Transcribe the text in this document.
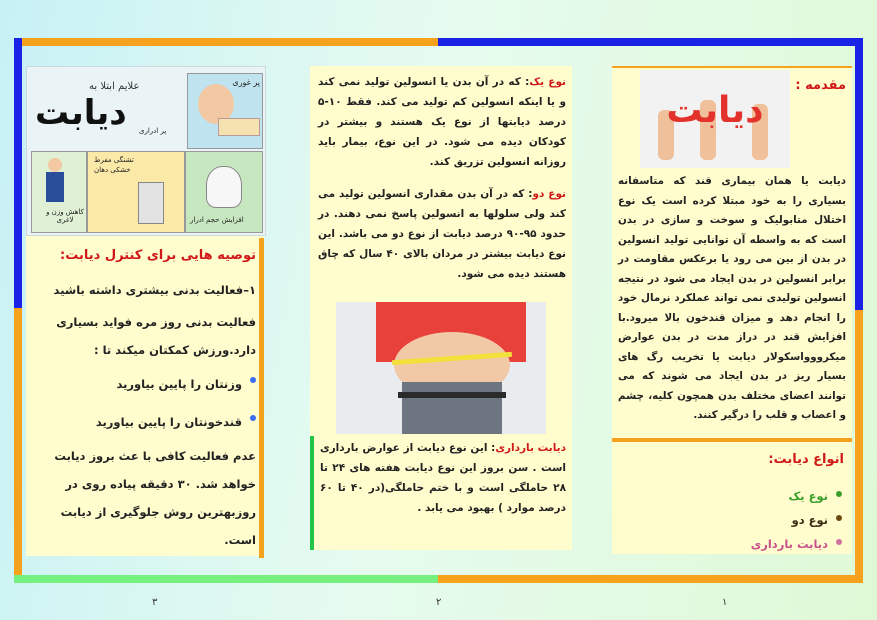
علایم ابتلا به
دیابت
پر غوری
کاهش وزن و لاغری
تشنگی مفرط
خشکی دهان
افزایش حجم ادرار
پر ادراری

توصیه هایی برای کنترل دیابت:

۱–فعالیت بدنی بیشتری داشته باشید

فعالیت بدنی روز مره فواید بسیاری دارد.ورزش کمکتان میکند تا :

وزنتان را پایین بیاورید
قندخونتان را پایین بیاورید

عدم فعالیت کافی با عث بروز دیابت خواهد شد. ۳۰ دقیقه پیاده روی در روزبهترین روش جلوگیری از دیابت است.

نوع یک: که در آن بدن یا انسولین تولید نمی کند و یا اینکه انسولین کم تولید می کند. فقط ۱۰-۵ درصد دیابتها از نوع یک هستند و بیشتر در کودکان دیده می شود. در این نوع، بیمار باید روزانه انسولین تزریق کند.

نوع دو: که در آن بدن مقداری انسولین تولید می کند ولی سلولها به انسولین پاسخ نمی دهند. در حدود ۹۵-۹۰ درصد دیابت از نوع دو می باشد. این نوع دیابت بیشتر در مردان بالای ۴۰ سال که چاق هستند دیده می شود.

دیابت بارداری: این نوع دیابت از عوارض بارداری است . سن بروز این نوع دیابت هفته های ۲۴ تا ۲۸ حاملگی است و با ختم حاملگی(در ۴۰ تا ۶۰ درصد موارد ) بهبود می یابد .

دیابت
مقدمه :
دیابت یا همان بیماری قند که متاسفانه بسیاری را به خود مبتلا کرده است یک نوع اختلال متابولیک و سوخت و سازی در بدن است که به واسطه آن توانایی تولید انسولین در بدن از بین می رود یا برعکس مقاومت در برابر انسولین در بدن ایجاد می شود در نتیجه انسولین تولیدی نمی تواند عملکرد نرمال خود را انجام دهد و میزان قندخون بالا میرود.با افزایش قند در دراز مدت در بدن عوارض میکرووواسکولار دیابت یا تخریب رگ های بسیار ریز در بدن ایجاد می شوند که می توانند اعضای مختلف بدن همچون کلیه، چشم و اعصاب و قلب را درگیر کنند.
انواع دیابت:
نوع یک
نوع دو
دیابت بارداری
۳	۲	۱
